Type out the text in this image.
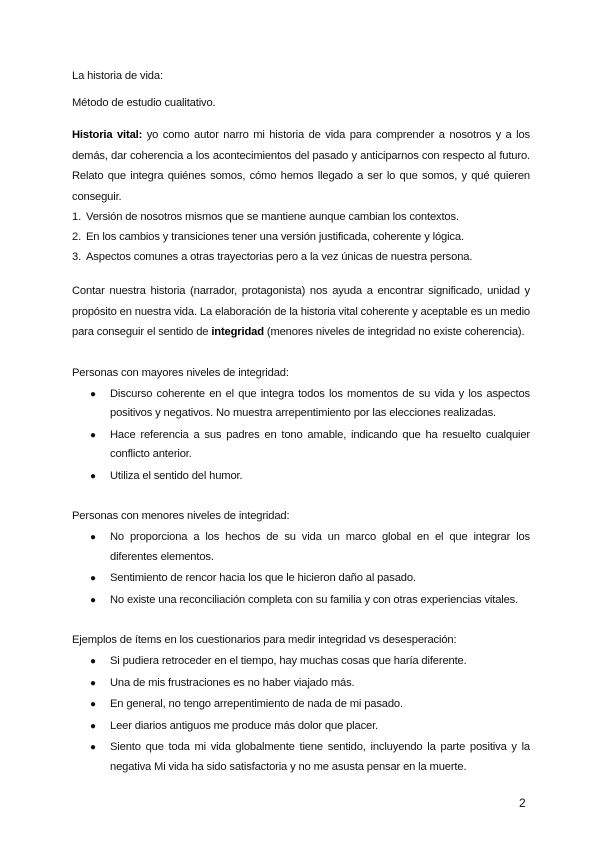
La historia de vida:

Método de estudio cualitativo.

Historia vital: yo como autor narro mi historia de vida para comprender a nosotros y a los demás, dar coherencia a los acontecimientos del pasado y anticiparnos con respecto al futuro. Relato que integra quiénes somos, cómo hemos llegado a ser lo que somos, y qué quieren conseguir.

1. Versión de nosotros mismos que se mantiene aunque cambian los contextos.
2. En los cambios y transiciones tener una versión justificada, coherente y lógica.
3. Aspectos comunes a otras trayectorias pero a la vez únicas de nuestra persona.

Contar nuestra historia (narrador, protagonista) nos ayuda a encontrar significado, unidad y propósito en nuestra vida. La elaboración de la historia vital coherente y aceptable es un medio para conseguir el sentido de integridad (menores niveles de integridad no existe coherencia).

Personas con mayores niveles de integridad:

● Discurso coherente en el que integra todos los momentos de su vida y los aspectos positivos y negativos. No muestra arrepentimiento por las elecciones realizadas.
● Hace referencia a sus padres en tono amable, indicando que ha resuelto cualquier conflicto anterior.
● Utiliza el sentido del humor.

Personas con menores niveles de integridad:

● No proporciona a los hechos de su vida un marco global en el que integrar los diferentes elementos.
● Sentimiento de rencor hacia los que le hicieron daño al pasado.
● No existe una reconciliación completa con su familia y con otras experiencias vitales.

Ejemplos de ítems en los cuestionarios para medir integridad vs desesperación:

● Si pudiera retroceder en el tiempo, hay muchas cosas que haría diferente.
● Una de mis frustraciones es no haber viajado más.
● En general, no tengo arrepentimiento de nada de mi pasado.
● Leer diarios antiguos me produce más dolor que placer.
● Siento que toda mi vida globalmente tiene sentido, incluyendo la parte positiva y la negativa Mi vida ha sido satisfactoria y no me asusta pensar en la muerte.
2
